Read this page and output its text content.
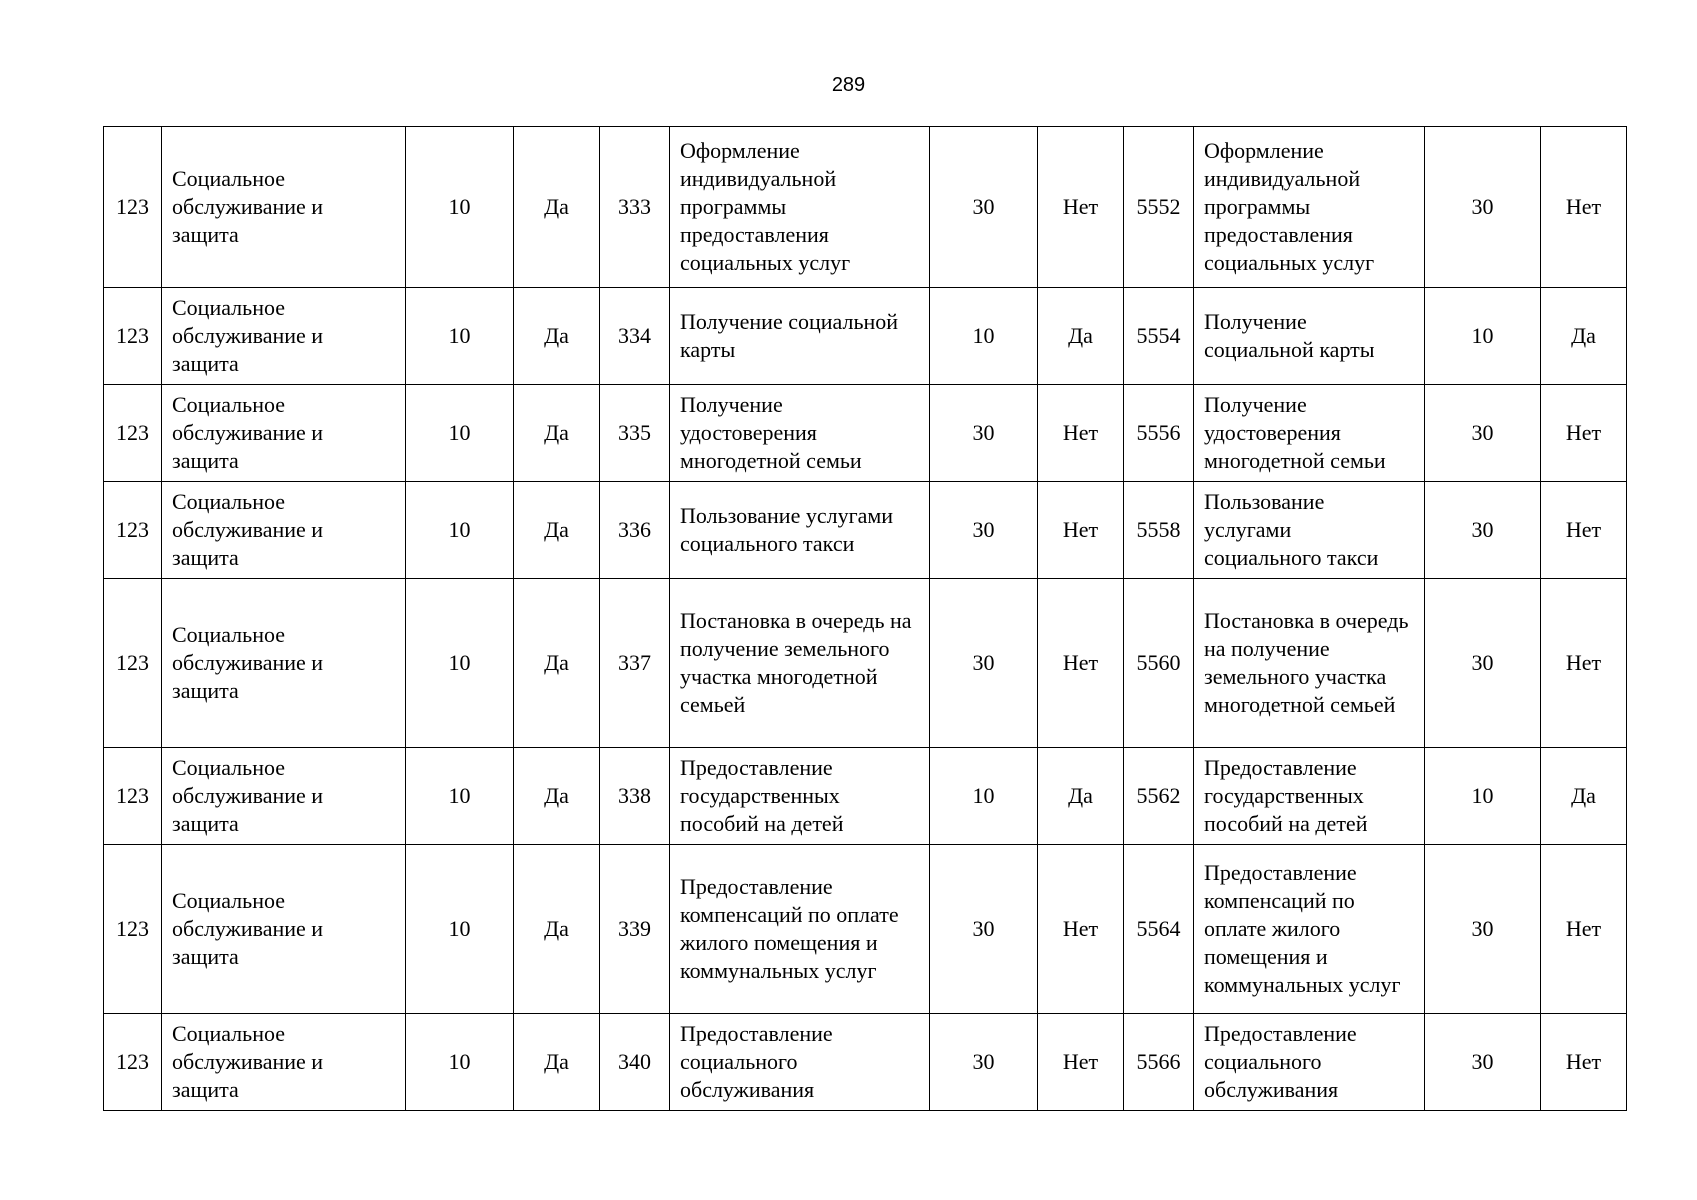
289
123	Социальное обслуживание и защита	10	Да	333	Оформление индивидуальной программы предоставления социальных услуг	30	Нет	5552	Оформление индивидуальной программы предоставления социальных услуг	30	Нет
123	Социальное обслуживание и защита	10	Да	334	Получение социальной карты	10	Да	5554	Получение социальной карты	10	Да
123	Социальное обслуживание и защита	10	Да	335	Получение удостоверения многодетной семьи	30	Нет	5556	Получение удостоверения многодетной семьи	30	Нет
123	Социальное обслуживание и защита	10	Да	336	Пользование услугами социального такси	30	Нет	5558	Пользование услугами социального такси	30	Нет
123	Социальное обслуживание и защита	10	Да	337	Постановка в очередь на получение земельного участка многодетной семьей	30	Нет	5560	Постановка в очередь на получение земельного участка многодетной семьей	30	Нет
123	Социальное обслуживание и защита	10	Да	338	Предоставление государственных пособий на детей	10	Да	5562	Предоставление государственных пособий на детей	10	Да
123	Социальное обслуживание и защита	10	Да	339	Предоставление компенсаций по оплате жилого помещения и коммунальных услуг	30	Нет	5564	Предоставление компенсаций по оплате жилого помещения и коммунальных услуг	30	Нет
123	Социальное обслуживание и защита	10	Да	340	Предоставление социального обслуживания	30	Нет	5566	Предоставление социального обслуживания	30	Нет
